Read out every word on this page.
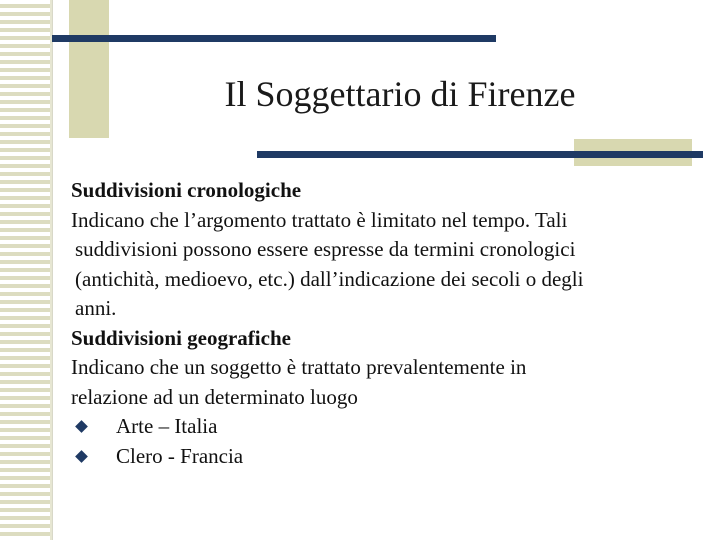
Il Soggettario di Firenze
Suddivisioni cronologiche
Indicano che l’argomento trattato è limitato nel tempo. Tali
suddivisioni possono essere espresse da termini cronologici
(antichità, medioevo, etc.) dall’indicazione dei secoli o degli
anni.
Suddivisioni geografiche
Indicano che un soggetto è trattato prevalentemente in
relazione ad un determinato luogo
Arte – Italia
Clero - Francia
